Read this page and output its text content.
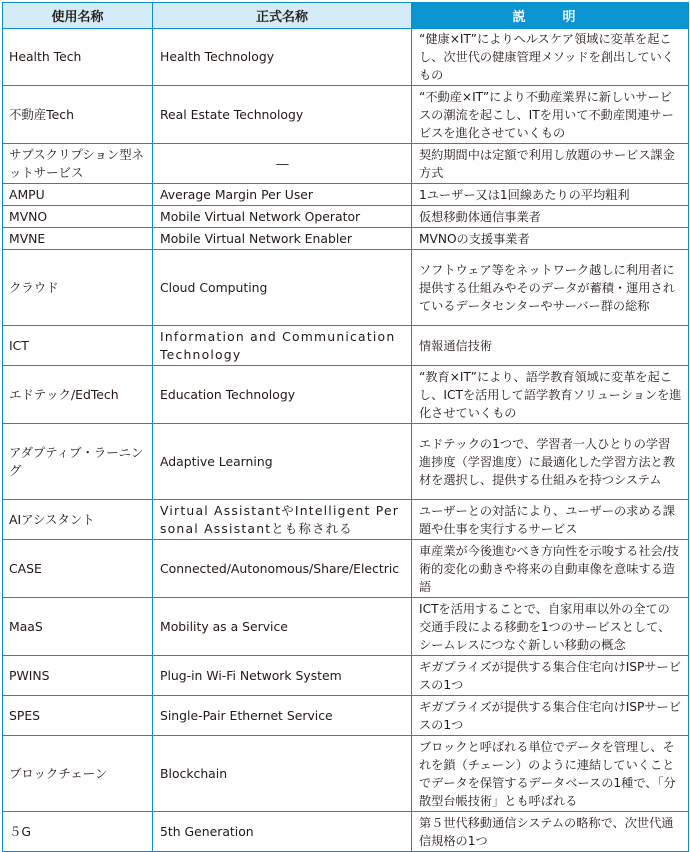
使用名称	正式名称	説　明
Health Tech	Health Technology	“健康×IT”によりヘルスケア領域に変革を起こし、次世代の健康管理メソッドを創出していくもの
不動産Tech	Real Estate Technology	“不動産×IT”により不動産業界に新しいサービスの潮流を起こし、ITを用いて不動産関連サービスを進化させていくもの
サブスクリプション型ネットサービス	―	契約期間中は定額で利用し放題のサービス課金方式
AMPU	Average Margin Per User	1ユーザー又は1回線あたりの平均粗利
MVNO	Mobile Virtual Network Operator	仮想移動体通信事業者
MVNE	Mobile Virtual Network Enabler	MVNOの支援事業者
クラウド	Cloud Computing	ソフトウェア等をネットワーク越しに利用者に提供する仕組みやそのデータが蓄積・運用されているデータセンターやサーバー群の総称
ICT	Information and Communication Technology	情報通信技術
エドテック/EdTech	Education Technology	“教育×IT”により、語学教育領域に変革を起こし、ICTを活用して語学教育ソリューションを進化させていくもの
アダプティブ・ラーニング	Adaptive Learning	エドテックの1つで、学習者一人ひとりの学習進捗度（学習進度）に最適化した学習方法と教材を選択し、提供する仕組みを持つシステム
AIアシスタント	Virtual AssistantやIntelligent Personal Assistantとも称される	ユーザーとの対話により、ユーザーの求める課題や仕事を実行するサービス
CASE	Connected/Autonomous/Share/Electric	車産業が今後進むべき方向性を示唆する社会/技術的変化の動きや将来の自動車像を意味する造語
MaaS	Mobility as a Service	ICTを活用することで、自家用車以外の全ての交通手段による移動を1つのサービスとして、シームレスにつなぐ新しい移動の概念
PWINS	Plug-in Wi-Fi Network System	ギガプライズが提供する集合住宅向けISPサービスの1つ
SPES	Single-Pair Ethernet Service	ギガプライズが提供する集合住宅向けISPサービスの1つ
ブロックチェーン	Blockchain	ブロックと呼ばれる単位でデータを管理し、それを鎖（チェーン）のように連結していくことでデータを保管するデータベースの1種で、「分散型台帳技術」とも呼ばれる
５G	5th Generation	第５世代移動通信システムの略称で、次世代通信規格の1つ
